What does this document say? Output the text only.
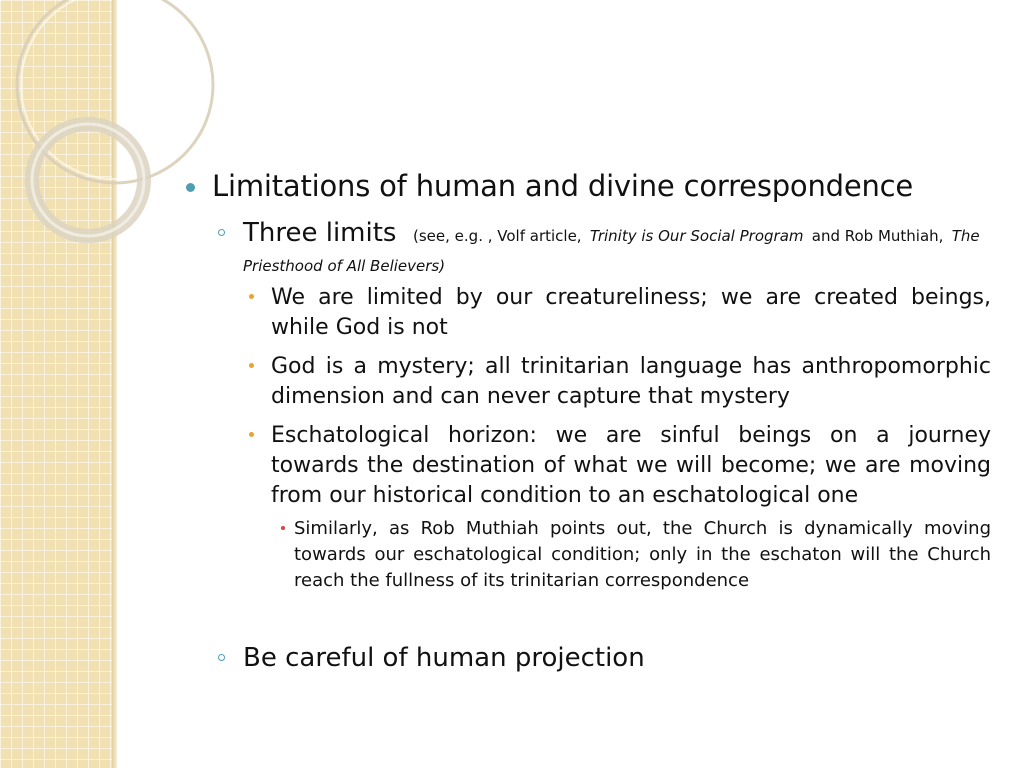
Limitations of human and divine correspondence
Three limits (see, e.g. , Volf article, Trinity is Our Social Program and Rob Muthiah, The
Priesthood of All Believers)
We are limited by our creatureliness; we are created beings, while God is not
God is a mystery; all trinitarian language has anthropomorphic dimension and can never capture that mystery
Eschatological horizon: we are sinful beings on a journey towards the destination of what we will become; we are moving from our historical condition to an eschatological one
Similarly, as Rob Muthiah points out, the Church is dynamically moving towards our eschatological condition; only in the eschaton will the Church reach the fullness of its trinitarian correspondence
Be careful of human projection
